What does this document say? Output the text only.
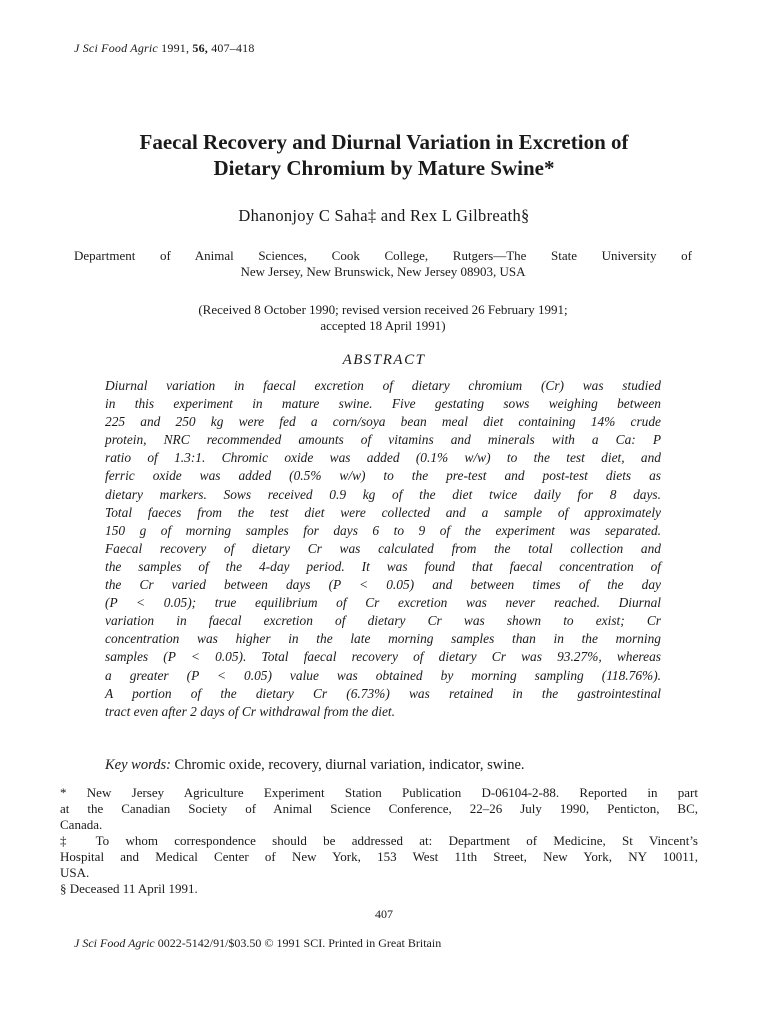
J Sci Food Agric 1991, 56, 407–418
Faecal Recovery and Diurnal Variation in Excretion of
Dietary Chromium by Mature Swine*
Dhanonjoy C Saha‡ and Rex L Gilbreath§
Department of Animal Sciences, Cook College, Rutgers—The State University of
New Jersey, New Brunswick, New Jersey 08903, USA
(Received 8 October 1990; revised version received 26 February 1991;
accepted 18 April 1991)
ABSTRACT
Diurnal variation in faecal excretion of dietary chromium (Cr) was studied
in this experiment in mature swine. Five gestating sows weighing between
225 and 250 kg were fed a corn/soya bean meal diet containing 14% crude
protein, NRC recommended amounts of vitamins and minerals with a Ca: P
ratio of 1.3:1. Chromic oxide was added (0.1% w/w) to the test diet, and
ferric oxide was added (0.5% w/w) to the pre-test and post-test diets as
dietary markers. Sows received 0.9 kg of the diet twice daily for 8 days.
Total faeces from the test diet were collected and a sample of approximately
150 g of morning samples for days 6 to 9 of the experiment was separated.
Faecal recovery of dietary Cr was calculated from the total collection and
the samples of the 4-day period. It was found that faecal concentration of
the Cr varied between days (P < 0.05) and between times of the day
(P < 0.05); true equilibrium of Cr excretion was never reached. Diurnal
variation in faecal excretion of dietary Cr was shown to exist; Cr
concentration was higher in the late morning samples than in the morning
samples (P < 0.05). Total faecal recovery of dietary Cr was 93.27%, whereas
a greater (P < 0.05) value was obtained by morning sampling (118.76%).
A portion of the dietary Cr (6.73%) was retained in the gastrointestinal
tract even after 2 days of Cr withdrawal from the diet.
Key words: Chromic oxide, recovery, diurnal variation, indicator, swine.
* New Jersey Agriculture Experiment Station Publication D-06104-2-88. Reported in part
at the Canadian Society of Animal Science Conference, 22–26 July 1990, Penticton, BC,
Canada.
‡ To whom correspondence should be addressed at: Department of Medicine, St Vincent’s
Hospital and Medical Center of New York, 153 West 11th Street, New York, NY 10011,
USA.
§ Deceased 11 April 1991.
407
J Sci Food Agric 0022-5142/91/$03.50 © 1991 SCI. Printed in Great Britain
